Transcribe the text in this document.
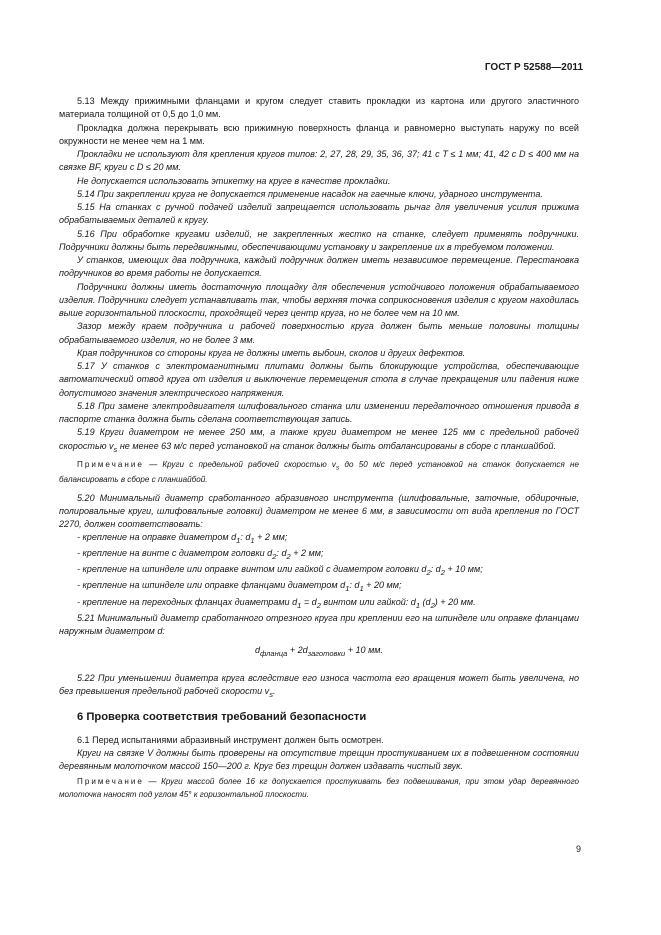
ГОСТ Р 52588—2011

5.13 Между прижимными фланцами и кругом следует ставить прокладки из картона или другого эластичного материала толщиной от 0,5 до 1,0 мм.

Прокладка должна перекрывать всю прижимную поверхность фланца и равномерно выступать наружу по всей окружности не менее чем на 1 мм.

Прокладки не используют для крепления кругов типов: 2, 27, 28, 29, 35, 36, 37; 41 с T ≤ 1 мм; 41, 42 с D ≤ 400 мм на связке BF, круги с D ≤ 20 мм.

Не допускается использовать этикетку на круге в качестве прокладки.

5.14 При закреплении круга не допускается применение насадок на гаечные ключи, ударного инструмента.

5.15 На станках с ручной подачей изделий запрещается использовать рычаг для увеличения усилия прижима обрабатываемых деталей к кругу.

5.16 При обработке кругами изделий, не закрепленных жестко на станке, следует применять подручники. Подручники должны быть передвижными, обеспечивающими установку и закрепление их в требуемом положении.

У станков, имеющих два подручника, каждый подручник должен иметь независимое перемещение. Перестановка подручников во время работы не допускается.

Подручники должны иметь достаточную площадку для обеспечения устойчивого положения обрабатываемого изделия. Подручники следует устанавливать так, чтобы верхняя точка соприкосновения изделия с кругом находилась выше горизонтальной плоскости, проходящей через центр круга, но не более чем на 10 мм.

Зазор между краем подручника и рабочей поверхностью круга должен быть меньше половины толщины обрабатываемого изделия, но не более 3 мм.

Края подручников со стороны круга не должны иметь выбоин, сколов и других дефектов.

5.17 У станков с электромагнитными плитами должны быть блокирующие устройства, обеспечивающие автоматический отвод круга от изделия и выключение перемещения стопа в случае прекращения или падения ниже допустимого значения электрического напряжения.

5.18 При замене электродвигателя шлифовального станка или изменении передаточного отношения привода в паспорте станка должна быть сделана соответствующая запись.

5.19 Круги диаметром не менее 250 мм, а также круги диаметром не менее 125 мм с предельной рабочей скоростью $v_s$ не менее 63 м/с перед установкой на станок должны быть отбалансированы в сборе с планшайбой.

Примечание — Круги с предельной рабочей скоростью $v_s$ до 50 м/с перед установкой на станок допускается не балансировать в сборе с планшайбой.

5.20 Минимальный диаметр сработанного абразивного инструмента (шлифовальные, заточные, обдирочные, полировальные круги, шлифовальные головки) диаметром не менее 6 мм, в зависимости от вида крепления по ГОСТ 2270, должен соответствовать:

- крепление на оправке диаметром $d_1$: $d_1 + 2$ мм;

- крепление на винте с диаметром головки $d_2$: $d_2 + 2$ мм;

- крепление на шпинделе или оправке винтом или гайкой с диаметром головки $d_2$: $d_2 + 10$ мм;

- крепление на шпинделе или оправке фланцами диаметром $d_1$: $d_1 + 20$ мм;

- крепление на переходных фланцах диаметрами $d_1 = d_2$ винтом или гайкой: $d_1$ $(d_2) + 20$ мм.

5.21 Минимальный диаметр сработанного отрезного круга при креплении его на шпинделе или оправке фланцами наружным диаметром d:

$d_{фланца} + 2d_{заготовки} + 10$ мм.

5.22 При уменьшении диаметра круга вследствие его износа частота его вращения может быть увеличена, но без превышения предельной рабочей скорости $v_s$.

6 Проверка соответствия требований безопасности

6.1 Перед испытаниями абразивный инструмент должен быть осмотрен.

Круги на связке V должны быть проверены на отсутствие трещин простукиванием их в подвешенном состоянии деревянным молоточком массой 150—200 г. Круг без трещин должен издавать чистый звук.

Примечание — Круги массой более 16 кг допускается простукивать без подвешивания, при этом удар деревянного молоточка наносят под углом 45° к горизонтальной плоскости.

9
